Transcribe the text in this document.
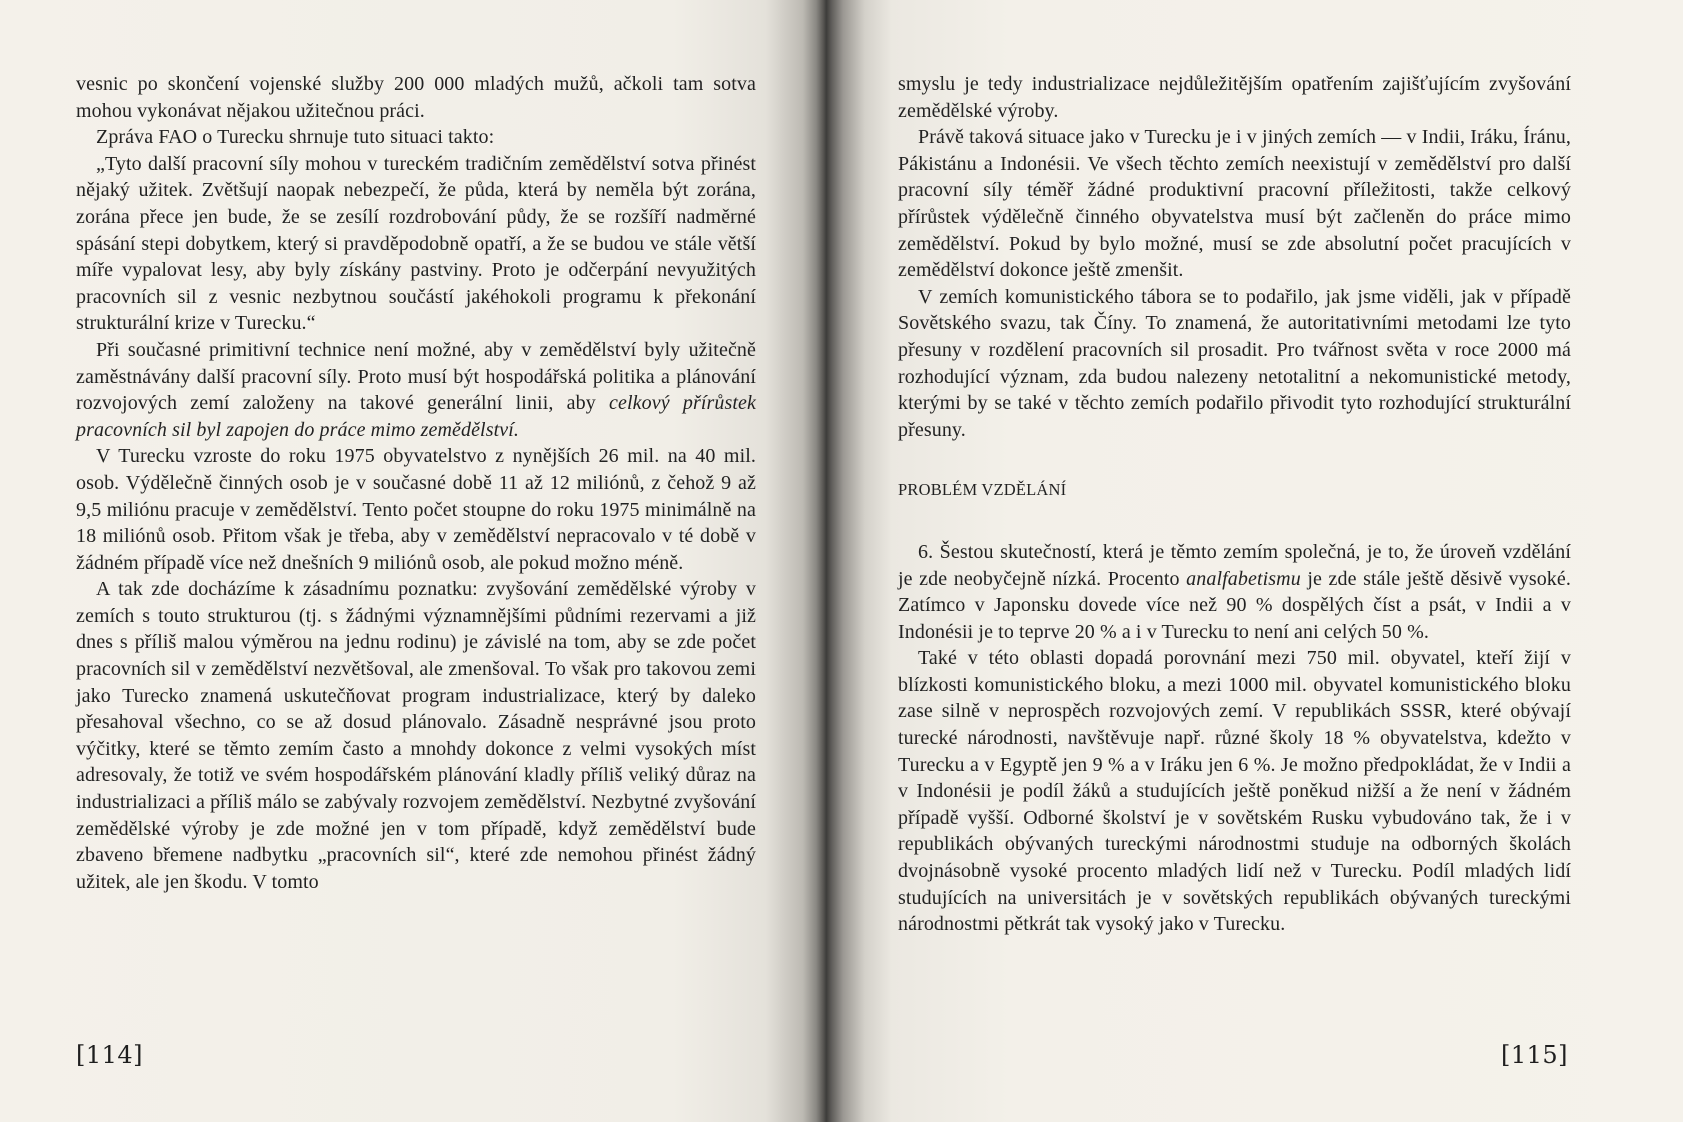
vesnic po skončení vojenské služby 200 000 mladých mužů, ačkoli tam sotva mohou vykonávat nějakou užitečnou práci.

Zpráva FAO o Turecku shrnuje tuto situaci takto:

„Tyto další pracovní síly mohou v tureckém tradičním zemědělství sotva přinést nějaký užitek. Zvětšují naopak nebezpečí, že půda, která by neměla být zorána, zorána přece jen bude, že se zesílí rozdrobování půdy, že se rozšíří nadměrné spásání stepi dobytkem, který si pravděpodobně opatří, a že se budou ve stále větší míře vypalovat lesy, aby byly získány pastviny. Proto je odčerpání nevyužitých pracovních sil z vesnic nezbytnou součástí jakéhokoli programu k překonání strukturální krize v Turecku.“

Při současné primitivní technice není možné, aby v zemědělství byly užitečně zaměstnávány další pracovní síly. Proto musí být hospodářská politika a plánování rozvojových zemí založeny na takové generální linii, aby celkový přírůstek pracovních sil byl zapojen do práce mimo zemědělství.

V Turecku vzroste do roku 1975 obyvatelstvo z nynějších 26 mil. na 40 mil. osob. Výdělečně činných osob je v současné době 11 až 12 miliónů, z čehož 9 až 9,5 miliónu pracuje v zemědělství. Tento počet stoupne do roku 1975 minimálně na 18 miliónů osob. Přitom však je třeba, aby v zemědělství nepracovalo v té době v žádném případě více než dnešních 9 miliónů osob, ale pokud možno méně.

A tak zde docházíme k zásadnímu poznatku: zvyšování zemědělské výroby v zemích s touto strukturou (tj. s žádnými významnějšími půdními rezervami a již dnes s příliš malou výměrou na jednu rodinu) je závislé na tom, aby se zde počet pracovních sil v zemědělství nezvětšoval, ale zmenšoval. To však pro takovou zemi jako Turecko znamená uskutečňovat program industrializace, který by daleko přesahoval všechno, co se až dosud plánovalo. Zásadně nesprávné jsou proto výčitky, které se těmto zemím často a mnohdy dokonce z velmi vysokých míst adresovaly, že totiž ve svém hospodářském plánování kladly příliš veliký důraz na industrializaci a příliš málo se zabývaly rozvojem zemědělství. Nezbytné zvyšování zemědělské výroby je zde možné jen v tom případě, když zemědělství bude zbaveno břemene nadbytku „pracovních sil“, které zde nemohou přinést žádný užitek, ale jen škodu. V tomto

[114]

smyslu je tedy industrializace nejdůležitějším opatřením zajišťujícím zvyšování zemědělské výroby.

Právě taková situace jako v Turecku je i v jiných zemích — v Indii, Iráku, Íránu, Pákistánu a Indonésii. Ve všech těchto zemích neexistují v zemědělství pro další pracovní síly téměř žádné produktivní pracovní příležitosti, takže celkový přírůstek výdělečně činného obyvatelstva musí být začleněn do práce mimo zemědělství. Pokud by bylo možné, musí se zde absolutní počet pracujících v zemědělství dokonce ještě zmenšit.

V zemích komunistického tábora se to podařilo, jak jsme viděli, jak v případě Sovětského svazu, tak Číny. To znamená, že autoritativními metodami lze tyto přesuny v rozdělení pracovních sil prosadit. Pro tvářnost světa v roce 2000 má rozhodující význam, zda budou nalezeny netotalitní a nekomunistické metody, kterými by se také v těchto zemích podařilo přivodit tyto rozhodující strukturální přesuny.

PROBLÉM VZDĚLÁNÍ

6. Šestou skutečností, která je těmto zemím společná, je to, že úroveň vzdělání je zde neobyčejně nízká. Procento analfabetismu je zde stále ještě děsivě vysoké. Zatímco v Japonsku dovede více než 90 % dospělých číst a psát, v Indii a v Indonésii je to teprve 20 % a i v Turecku to není ani celých 50 %.

Také v této oblasti dopadá porovnání mezi 750 mil. obyvatel, kteří žijí v blízkosti komunistického bloku, a mezi 1000 mil. obyvatel komunistického bloku zase silně v neprospěch rozvojových zemí. V republikách SSSR, které obývají turecké národnosti, navštěvuje např. různé školy 18 % obyvatelstva, kdežto v Turecku a v Egyptě jen 9 % a v Iráku jen 6 %. Je možno předpokládat, že v Indii a v Indonésii je podíl žáků a studujících ještě poněkud nižší a že není v žádném případě vyšší. Odborné školství je v sovětském Rusku vybudováno tak, že i v republikách obývaných tureckými národnostmi studuje na odborných školách dvojnásobně vysoké procento mladých lidí než v Turecku. Podíl mladých lidí studujících na universitách je v sovětských republikách obývaných tureckými národnostmi pětkrát tak vysoký jako v Turecku.

[115]
